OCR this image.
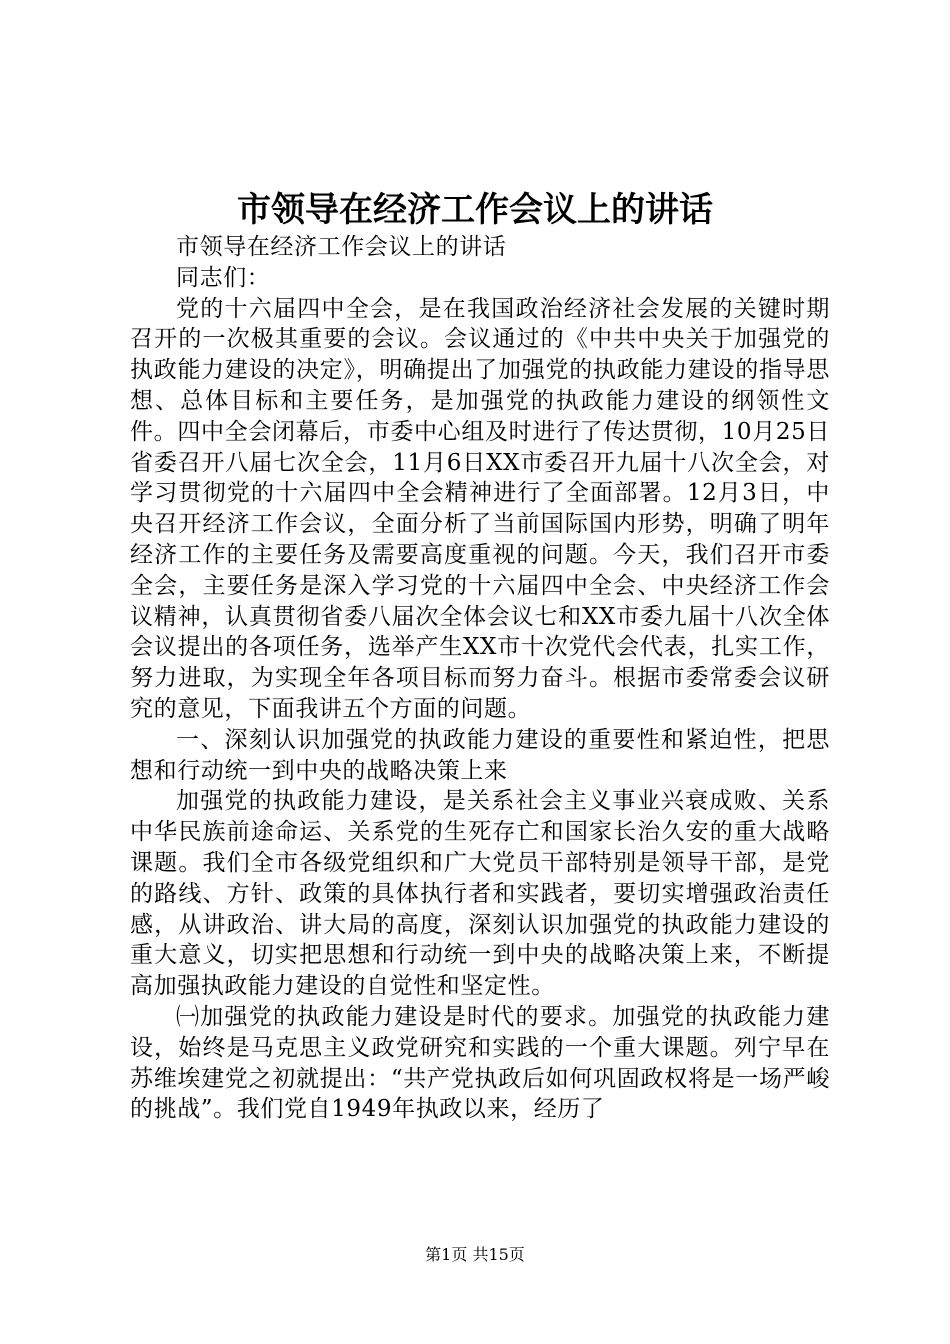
市领导在经济工作会议上的讲话

市领导在经济工作会议上的讲话

同志们：

党的十六届四中全会，是在我国政治经济社会发展的关键时期召开的一次极其重要的会议。会议通过的《中共中央关于加强党的执政能力建设的决定》，明确提出了加强党的执政能力建设的指导思想、总体目标和主要任务，是加强党的执政能力建设的纲领性文件。四中全会闭幕后，市委中心组及时进行了传达贯彻，10月25日省委召开八届七次全会，11月6日XX市委召开九届十八次全会，对学习贯彻党的十六届四中全会精神进行了全面部署。12月3日，中央召开经济工作会议，全面分析了当前国际国内形势，明确了明年经济工作的主要任务及需要高度重视的问题。今天，我们召开市委全会，主要任务是深入学习党的十六届四中全会、中央经济工作会议精神，认真贯彻省委八届次全体会议七和XX市委九届十八次全体会议提出的各项任务，选举产生XX市十次党代会代表，扎实工作，努力进取，为实现全年各项目标而努力奋斗。根据市委常委会议研究的意见，下面我讲五个方面的问题。

一、深刻认识加强党的执政能力建设的重要性和紧迫性，把思想和行动统一到中央的战略决策上来

加强党的执政能力建设，是关系社会主义事业兴衰成败、关系中华民族前途命运、关系党的生死存亡和国家长治久安的重大战略课题。我们全市各级党组织和广大党员干部特别是领导干部，是党的路线、方针、政策的具体执行者和实践者，要切实增强政治责任感，从讲政治、讲大局的高度，深刻认识加强党的执政能力建设的重大意义，切实把思想和行动统一到中央的战略决策上来，不断提高加强执政能力建设的自觉性和坚定性。

㈠加强党的执政能力建设是时代的要求。加强党的执政能力建设，始终是马克思主义政党研究和实践的一个重大课题。列宁早在苏维埃建党之初就提出：“共产党执政后如何巩固政权将是一场严峻的挑战”。我们党自1949年执政以来，经历了

第1页 共15页
